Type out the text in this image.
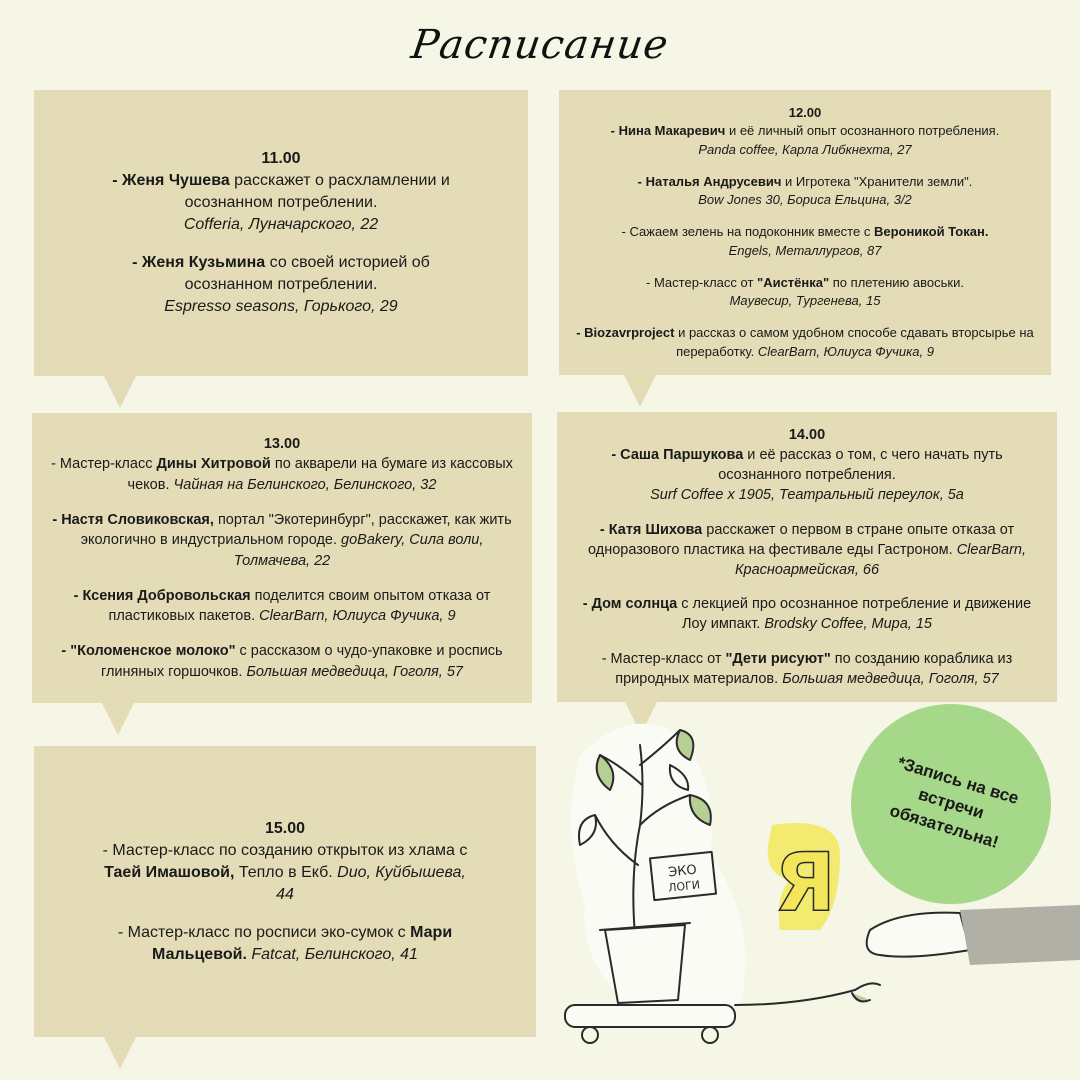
Расписание
11.00
- Женя Чушева расскажет о расхламлении и осознанном потреблении.
Cofferia, Луначарского, 22
- Женя Кузьмина со своей историей об осознанном потреблении.
Espresso seasons, Горького, 29
12.00
- Нина Макаревич и её личный опыт осознанного потребления.
Panda coffee, Карла Либкнехта, 27
- Наталья Андрусевич и Игротека "Хранители земли".
Bow Jones 30, Бориса Ельцина, 3/2
- Сажаем зелень на подоконник вместе с Вероникой Токан.
Engels, Металлургов, 87
- Мастер-класс от "Аистёнка" по плетению авоськи.
Maувесир, Тургенева, 15
- Biozavrproject и рассказ о самом удобном способе сдавать вторсырье на переработку. ClearBarn, Юлиуса Фучика, 9
13.00
- Мастер-класс Дины Хитровой по акварели на бумаге из кассовых чеков. Чайная на Белинского, Белинского, 32
- Настя Словиковская, портал "Экотеринбург", расскажет, как жить экологично в индустриальном городе. goBakery, Сила воли, Толмачева, 22
- Ксения Добровольская поделится своим опытом отказа от пластиковых пакетов. ClearBarn, Юлиуса Фучика, 9
- "Коломенское молоко" с рассказом о чудо-упаковке и роспись глиняных горшочков. Большая медведица, Гоголя, 57
14.00
- Саша Паршукова и её рассказ о том, с чего начать путь осознанного потребления.
Surf Coffee x 1905, Театральный переулок, 5а
- Катя Шихова расскажет о первом в стране опыте отказа от одноразового пластика на фестивале еды Гастроном. ClearBarn, Красноармейская, 66
- Дом солнца с лекцией про осознанное потребление и движение Лоу импакт. Brodsky Coffee, Мира, 15
- Мастер-класс от "Дети рисуют" по созданию кораблика из природных материалов. Большая медведица, Гоголя, 57
15.00
- Мастер-класс по созданию открыток из хлама с Таей Имашовой, Тепло в Екб. Duo, Куйбышева, 44
- Мастер-класс по росписи эко-сумок с Мари Мальцевой. Fatcat, Белинского, 41
ЭКО
ЛОГИ Я
*Запись на все встречи обязательна!
